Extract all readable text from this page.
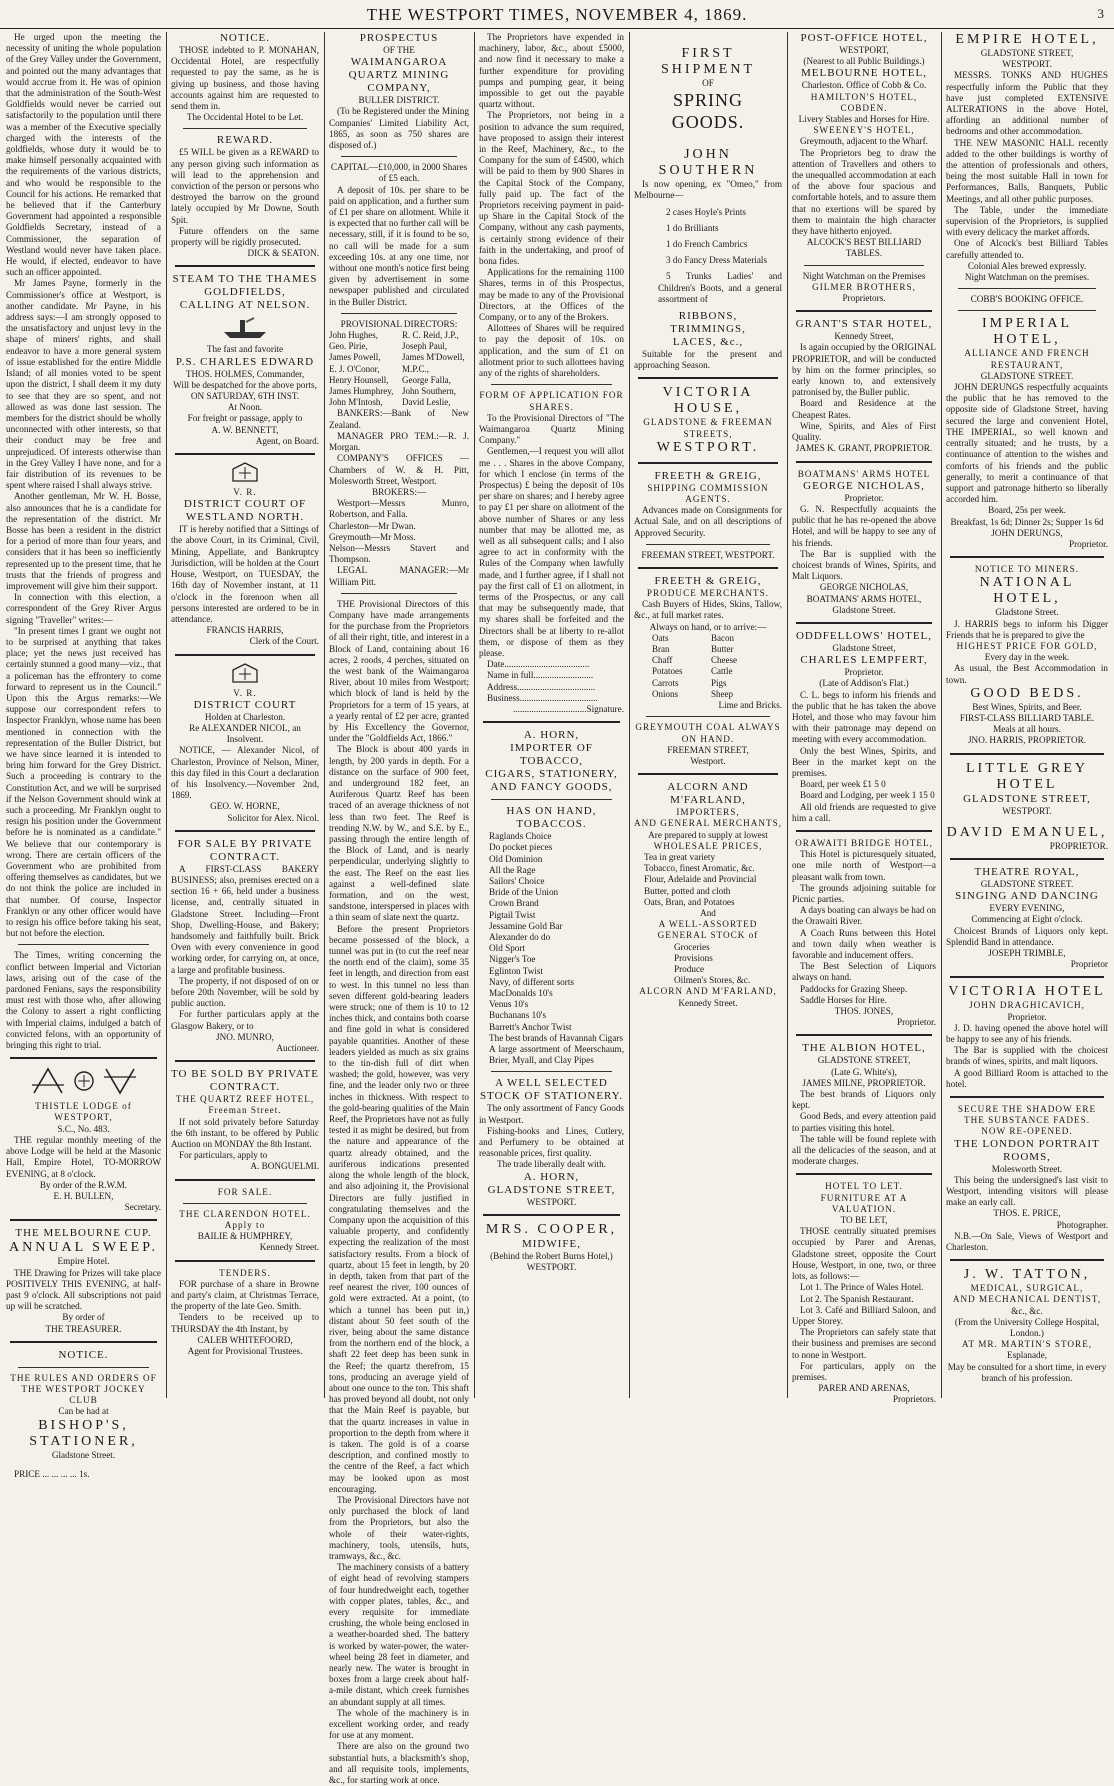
THE WESTPORT TIMES, NOVEMBER 4, 1869.	3

He urged upon the meeting the necessity of uniting the whole population of the Grey Valley under the Government, and pointed out the many advantages that would accrue from it. He was of opinion that the administration of the South-West Goldfields would never be carried out satisfactorily to the population until there was a member of the Executive specially charged with the interests of the goldfields, whose duty it would be to make himself personally acquainted with the requirements of the various districts, and who would be responsible to the Council for his actions. He remarked that he believed that if the Canterbury Government had appointed a responsible Goldfields Secretary, instead of a Commissioner, the separation of Westland would never have taken place. He would, if elected, endeavor to have such an officer appointed.

Mr James Payne, formerly in the Commissioner's office at Westport, is another candidate. Mr Payne, in his address says:—I am strongly opposed to the unsatisfactory and unjust levy in the shape of miners' rights, and shall endeavor to have a more general system of issue established for the entire Middle Island; of all monies voted to be spent upon the district, I shall deem it my duty to see that they are so spent, and not allowed as was done last session. The members for the district should be wholly unconnected with other interests, so that their conduct may be free and unprejudiced. Of interests otherwise than in the Grey Valley I have none, and for a fair distribution of its revenues to be spent where raised I shall always strive.

Another gentleman, Mr W. H. Bosse, also announces that he is a candidate for the representation of the district. Mr Bosse has been a resident in the district for a period of more than four years, and considers that it has been so inefficiently represented up to the present time, that he trusts that the friends of progress and improvement will give him their support.

In connection with this election, a correspondent of the Grey River Argus signing "Traveller" writes:—

"In present times I grant we ought not to be surprised at anything that takes place; yet the news just received has certainly stunned a good many—viz., that a policeman has the effrontery to come forward to represent us in the Council." Upon this the Argus remarks:—We suppose our correspondent refers to Inspector Franklyn, whose name has been mentioned in connection with the representation of the Buller District, but we have since learned it is intended to bring him forward for the Grey District. Such a proceeding is contrary to the Constitution Act, and we will be surprised if the Nelson Government should wink at such a proceeding. Mr Franklyn ought to resign his position under the Government before he is nominated as a candidate." We believe that our contemporary is wrong. There are certain officers of the Government who are prohibited from offering themselves as candidates, but we do not think the police are included in that number. Of course, Inspector Franklyn or any other officer would have to resign his office before taking his seat, but not before the election.

The Times, writing concerning the conflict between Imperial and Victorian laws, arising out of the case of the pardoned Fenians, says the responsibility must rest with those who, after allowing the Colony to assert a right conflicting with Imperial claims, indulged a batch of convicted felons, with an opportunity of bringing this right to trial.

THISTLE LODGE of WESTPORT,

S.C., No. 483.

THE regular monthly meeting of the above Lodge will be held at the Masonic Hall, Empire Hotel, TO-MORROW EVENING, at 8 o'clock.

By order of the R.W.M.

E. H. BULLEN,

Secretary.

THE MELBOURNE CUP.

ANNUAL SWEEP.

Empire Hotel.

THE Drawing for Prizes will take place POSITIVELY THIS EVENING, at half-past 9 o'clock. All subscriptions not paid up will be scratched.

By order of

THE TREASURER.

NOTICE.

THE RULES AND ORDERS OF THE WESTPORT JOCKEY CLUB

Can be had at

BISHOP'S,

STATIONER,

Gladstone Street.

PRICE ... ... ... ... 1s.

NOTICE.

THOSE indebted to P. MONAHAN, Occidental Hotel, are respectfully requested to pay the same, as he is giving up business, and those having accounts against him are requested to send them in.

The Occidental Hotel to be Let.

REWARD.

£5 WILL be given as a REWARD to any person giving such information as will lead to the apprehension and conviction of the person or persons who destroyed the barrow on the ground lately occupied by Mr Downe, South Spit.

Future offenders on the same property will be rigidly prosecuted.

DICK & SEATON.

STEAM TO THE THAMES GOLDFIELDS,

CALLING AT NELSON.

The fast and favorite

P.S. CHARLES EDWARD

THOS. HOLMES, Commander,

Will be despatched for the above ports,

ON SATURDAY, 6TH INST.

At Noon.

For freight or passage, apply to

A. W. BENNETT,

Agent, on Board.

V. R.

DISTRICT COURT OF WESTLAND NORTH.

IT is hereby notified that a Sittings of the above Court, in its Criminal, Civil, Mining, Appellate, and Bankruptcy Jurisdiction, will be holden at the Court House, Westport, on TUESDAY, the 16th day of November instant, at 11 o'clock in the forenoon when all persons interested are ordered to be in attendance.

FRANCIS HARRIS,

Clerk of the Court.

V. R.

DISTRICT COURT

Holden at Charleston.

Re ALEXANDER NICOL, an Insolvent.

NOTICE, — Alexander Nicol, of Charleston, Province of Nelson, Miner, this day filed in this Court a declaration of his Insolvency.—November 2nd, 1869.

GEO. W. HORNE,

Solicitor for Alex. Nicol.

FOR SALE BY PRIVATE CONTRACT.

A FIRST-CLASS BAKERY BUSINESS; also, premises erected on a section 16 + 66, held under a business license, and, centrally situated in Gladstone Street. Including—Front Shop, Dwelling-House, and Bakery; handsomely and faithfully built. Brick Oven with every convenience in good working order, for carrying on, at once, a large and profitable business.

The property, if not disposed of on or before 20th November, will be sold by public auction.

For further particulars apply at the Glasgow Bakery, or to

JNO. MUNRO,

Auctioneer.

TO BE SOLD BY PRIVATE CONTRACT.

THE QUARTZ REEF HOTEL, Freeman Street.

If not sold privately before Saturday the 6th instant, to be offered by Public Auction on MONDAY the 8th Instant.

For particulars, apply to

A. BONGUELMI.

FOR SALE.

THE CLARENDON HOTEL. Apply to

BAILIE & HUMPHREY,

Kennedy Street.

TENDERS.

FOR purchase of a share in Browne and party's claim, at Christmas Terrace, the property of the late Geo. Smith.

Tenders to be received up to THURSDAY the 4th Instant, by

CALEB WHITEFOORD,

Agent for Provisional Trustees.

PROSPECTUS

OF THE

WAIMANGAROA QUARTZ MINING COMPANY,

BULLER DISTRICT.

(To be Registered under the Mining Companies' Limited Liability Act, 1865, as soon as 750 shares are disposed of.)

CAPITAL—£10,000, in 2000 Shares of £5 each.

A deposit of 10s. per share to be paid on application, and a further sum of £1 per share on allotment. While it is expected that no further call will be necessary, still, if it is found to be so, no call will be made for a sum exceeding 10s. at any one time, nor without one month's notice first being given by advertisement in some newspaper published and circulated in the Buller District.

PROVISIONAL DIRECTORS:

John Hughes,
Geo. Pirie,
James Powell,
E. J. O'Conor,
Henry Hounsell,
James Humphrey,
John M'Intosh,
R. C. Reid, J.P.,
Joseph Paul,
James M'Dowell,
M.P.C.,
George Falla,
John Southern,
David Leslie,

BANKERS:—Bank of New Zealand.

MANAGER PRO TEM.:—R. J. Morgan.

COMPANY'S OFFICES — Chambers of W. & H. Pitt, Molesworth Street, Westport.

BROKERS:—

Westport—Messrs Munro, Robertson, and Falla.
Charleston—Mr Dwan.
Greymouth—Mr Moss.
Nelson—Messrs Stavert and Thompson.

LEGAL MANAGER:—Mr William Pitt.

THE Provisional Directors of this Company have made arrangements for the purchase from the Proprietors of all their right, title, and interest in a Block of Land, containing about 16 acres, 2 roods, 4 perches, situated on the west bank of the Waimangaroa River, about 10 miles from Westport; which block of land is held by the Proprietors for a term of 15 years, at a yearly rental of £2 per acre, granted by His Excellency the Governor, under the "Goldfields Act, 1866."

The Block is about 400 yards in length, by 200 yards in depth. For a distance on the surface of 900 feet, and underground 182 feet, an Auriferous Quartz Reef has been traced of an average thickness of not less than two feet. The Reef is trending N.W. by W., and S.E. by E., passing through the entire length of the Block of Land, and is nearly perpendicular, underlying slightly to the east. The Reef on the east lies against a well-defined slate formation, and on the west, sandstone, interspersed in places with a thin seam of slate next the quartz.

Before the present Proprietors became possessed of the block, a tunnel was put in (to cut the reef near the north end of the claim), some 35 feet in length, and direction from east to west. In this tunnel no less than seven different gold-bearing leaders were struck; one of them is 10 to 12 inches thick, and contains both coarse and fine gold in what is considered payable quantities. Another of these leaders yielded as much as six grains to the tin-dish full of dirt when washed; the gold, however, was very fine, and the leader only two or three inches in thickness. With respect to the gold-bearing qualities of the Main Reef, the Proprietors have not as fully tested it as might be desired, but from the nature and appearance of the quartz already obtained, and the auriferous indications presented along the whole length of the block, and also adjoining it, the Provisional Directors are fully justified in congratulating themselves and the Company upon the acquisition of this valuable property, and confidently expecting the realization of the most satisfactory results. From a block of quartz, about 15 feet in length, by 20 in depth, taken from that part of the reef nearest the river, 100 ounces of gold were extracted. At a point, (to which a tunnel has been put in,) distant about 50 feet south of the river, being about the same distance from the northern end of the block, a shaft 22 feet deep has been sunk in the Reef; the quartz therefrom, 15 tons, producing an average yield of about one ounce to the ton. This shaft has proved beyond all doubt, not only that the Main Reef is payable, but that the quartz increases in value in proportion to the depth from where it is taken. The gold is of a coarse description, and confined mostly to the centre of the Reef, a fact which may be looked upon as most encouraging.

The Provisional Directors have not only purchased the block of land from the Proprietors, but also the whole of their water-rights, machinery, tools, utensils, huts, tramways, &c., &c.

The machinery consists of a battery of eight head of revolving stampers of four hundredweight each, together with copper plates, tables, &c., and every requisite for immediate crushing, the whole being enclosed in a weather-boarded shed. The battery is worked by water-power, the water-wheel being 28 feet in diameter, and nearly new. The water is brought in boxes from a large creek about half-a-mile distant, which creek furnishes an abundant supply at all times.

The whole of the machinery is in excellent working order, and ready for use at any moment.

There are also on the ground two substantial huts, a blacksmith's shop, and all requisite tools, implements, &c., for starting work at once.

The Proprietors have expended in machinery, labor, &c., about £5000, and now find it necessary to make a further expenditure for providing pumps and pumping gear, it being impossible to get out the payable quartz without.

The Proprietors, not being in a position to advance the sum required, have proposed to assign their interest in the Reef, Machinery, &c., to the Company for the sum of £4500, which will be paid to them by 900 Shares in the Capital Stock of the Company, fully paid up. The fact of the Proprietors receiving payment in paid-up Share in the Capital Stock of the Company, without any cash payments, is certainly strong evidence of their faith in the undertaking, and proof of bona fides.

Applications for the remaining 1100 Shares, terms in of this Prospectus, may be made to any of the Provisional Directors, at the Offices of the Company, or to any of the Brokers.

Allottees of Shares will be required to pay the deposit of 10s. on application, and the sum of £1 on allotment prior to such allottees having any of the rights of shareholders.

FORM OF APPLICATION FOR SHARES.

To the Provisional Directors of "The Waimangaroa Quartz Mining Company."

Gentlemen,—I request you will allot me . . . Shares in the above Company, for which I enclose (in terms of the Prospectus) £ being the deposit of 10s per share on shares; and I hereby agree to pay £1 per share on allotment of the above number of Shares or any less number that may be allotted me, as well as all subsequent calls; and I also agree to act in conformity with the Rules of the Company when lawfully made, and I further agree, if I shall not pay the first call of £1 on allotment, in terms of the Prospectus, or any call that may be subsequently made, that my shares shall be forfeited and the Directors shall be at liberty to re-allot them, or dispose of them as they please.

Date.....................................

Name in full..........................

Address..................................

Business..................................

................................Signature.

A. HORN,

IMPORTER OF TOBACCO,

CIGARS, STATIONERY,

AND FANCY GOODS,

HAS ON HAND, TOBACCOS.

Raglands Choice

Do pocket pieces

Old Dominion

All the Rage

Sailors' Choice

Bride of the Union

Crown Brand

Pigtail Twist

Jessamine Gold Bar

Alexander do do

Old Sport

Nigger's Toe

Eglinton Twist

Navy, of different sorts

MacDonalds 10's

Venus 10's

Buchanans 10's

Barrett's Anchor Twist

The best brands of Havannah Cigars

A large assortment of Meerschaum, Brier, Myall, and Clay Pipes

A WELL SELECTED STOCK OF STATIONERY.

The only assortment of Fancy Goods in Westport.

Fishing-hooks and Lines, Cutlery, and Perfumery to be obtained at reasonable prices, first quality.

The trade liberally dealt with.

A. HORN,

GLADSTONE STREET,

WESTPORT.

MRS. COOPER,

MIDWIFE,

(Behind the Robert Burns Hotel,)

WESTPORT.

FIRST SHIPMENT

OF

SPRING GOODS.

JOHN SOUTHERN

Is now opening, ex "Omeo," from Melbourne—

2 cases Hoyle's Prints

1 do Brilliants

1 do French Cambrics

3 do Fancy Dress Materials

5 Trunks Ladies' and Children's Boots, and a general assortment of

RIBBONS,

TRIMMINGS,

LACES, &c.,

Suitable for the present and approaching Season.

VICTORIA HOUSE,

GLADSTONE & FREEMAN

STREETS,

WESTPORT.

FREETH & GREIG,

SHIPPING COMMISSION

AGENTS.

Advances made on Consignments for Actual Sale, and on all descriptions of Approved Security.

FREEMAN STREET, WESTPORT.

FREETH & GREIG,

PRODUCE MERCHANTS.

Cash Buyers of Hides, Skins, Tallow, &c., at full market rates.

Always on hand, or to arrive:—

Oats
Bran
Chaff
Potatoes
Carrots
Onions
Bacon
Butter
Cheese
Cattle
Pigs
Sheep

Lime and Bricks.

GREYMOUTH COAL ALWAYS ON HAND.

FREEMAN STREET,

Westport.

ALCORN AND M'FARLAND,

IMPORTERS,

AND GENERAL MERCHANTS,

Are prepared to supply at lowest

WHOLESALE PRICES,

Tea in great variety

Tobacco, finest Aromatic, &c.

Flour, Adelaide and Provincial

Butter, potted and cloth

Oats, Bran, and Potatoes

And

A WELL-ASSORTED GENERAL STOCK of

Groceries

Provisions

Produce

Oilmen's Stores, &c.

ALCORN AND M'FARLAND,

Kennedy Street.

POST-OFFICE HOTEL,

WESTPORT,

(Nearest to all Public Buildings.)

MELBOURNE HOTEL,

Charleston. Office of Cobb & Co.

HAMILTON'S HOTEL, COBDEN.

Livery Stables and Horses for Hire.

SWEENEY'S HOTEL,

Greymouth, adjacent to the Wharf.

The Proprietors beg to draw the attention of Travellers and others to the unequalled accommodation at each of the above four spacious and comfortable hotels, and to assure them that no exertions will be spared by them to maintain the high character they have hitherto enjoyed.

ALCOCK'S BEST BILLIARD TABLES.

Night Watchman on the Premises

GILMER BROTHERS,

Proprietors.

GRANT'S STAR HOTEL,

Kennedy Street,

Is again occupied by the ORIGINAL PROPRIETOR, and will be conducted by him on the former principles, so early known to, and extensively patronised by, the Buller public.

Board and Residence at the Cheapest Rates.

Wine, Spirits, and Ales of First Quality.

JAMES K. GRANT, PROPRIETOR.

BOATMANS' ARMS HOTEL

GEORGE NICHOLAS,

Proprietor.

G. N. Respectfully acquaints the public that he has re-opened the above Hotel, and will be happy to see any of his friends.

The Bar is supplied with the choicest brands of Wines, Spirits, and Malt Liquors.

GEORGE NICHOLAS,

BOATMANS' ARMS HOTEL,

Gladstone Street.

ODDFELLOWS' HOTEL,

Gladstone Street,

CHARLES LEMPFERT,

Proprietor.

(Late of Addison's Flat.)

C. L. begs to inform his friends and the public that he has taken the above Hotel, and those who may favour him with their patronage may depend on meeting with every accommodation.

Only the best Wines, Spirits, and Beer in the market kept on the premises.

Board, per week £1 5 0

Board and Lodging, per week 1 15 0

All old friends are requested to give him a call.

ORAWAITI BRIDGE HOTEL,

This Hotel is picturesquely situated, one mile north of Westport—a pleasant walk from town.

The grounds adjoining suitable for Picnic parties.

A days boating can always be had on the Orawaiti River.

A Coach Runs between this Hotel and town daily when weather is favorable and inducement offers.

The Best Selection of Liquors always on hand.

Paddocks for Grazing Sheep.

Saddle Horses for Hire.

THOS. JONES,

Proprietor.

THE ALBION HOTEL,

GLADSTONE STREET,

(Late G. White's),

JAMES MILNE, PROPRIETOR.

The best brands of Liquors only kept.

Good Beds, and every attention paid to parties visiting this hotel.

The table will be found replete with all the delicacies of the season, and at moderate charges.

HOTEL TO LET.

FURNITURE AT A VALUATION.

TO BE LET,

THOSE centrally situated premises occupied by Parer and Arenas, Gladstone street, opposite the Court House, Westport, in one, two, or three lots, as follows:—

Lot 1. The Prince of Wales Hotel.

Lot 2. The Spanish Restaurant.

Lot 3. Café and Billiard Saloon, and Upper Storey.

The Proprietors can safely state that their business and premises are second to none in Westport.

For particulars, apply on the premises.

PARER AND ARENAS,

Proprietors.

EMPIRE HOTEL,

GLADSTONE STREET,

WESTPORT.

MESSRS. TONKS AND HUGHES respectfully inform the Public that they have just completed EXTENSIVE ALTERATIONS in the above Hotel, affording an additional number of bedrooms and other accommodation.

THE NEW MASONIC HALL recently added to the other buildings is worthy of the attention of professionals and others, being the most suitable Hall in town for Performances, Balls, Banquets, Public Meetings, and all other public purposes.

The Table, under the immediate supervision of the Proprietors, is supplied with every delicacy the market affords.

One of Alcock's best Billiard Tables carefully attended to.

Colonial Ales brewed expressly.

Night Watchman on the premises.

COBB'S BOOKING OFFICE.

IMPERIAL HOTEL,

ALLIANCE AND FRENCH RESTAURANT,

GLADSTONE STREET.

JOHN DERUNGS respectfully acquaints the public that he has removed to the opposite side of Gladstone Street, having secured the large and convenient Hotel, THE IMPERIAL, so well known and centrally situated; and he trusts, by a continuance of attention to the wishes and comforts of his friends and the public generally, to merit a continuance of that support and patronage hitherto so liberally accorded him.

Board, 25s per week.

Breakfast, 1s 6d; Dinner 2s; Supper 1s 6d

JOHN DERUNGS,

Proprietor.

NOTICE TO MINERS.

NATIONAL HOTEL,

Gladstone Street.

J. HARRIS begs to inform his Digger Friends that he is prepared to give the

HIGHEST PRICE FOR GOLD,

Every day in the week.

As usual, the Best Accommodation in town.

GOOD BEDS.

Best Wines, Spirits, and Beer.

FIRST-CLASS BILLIARD TABLE.

Meals at all hours.

JNO. HARRIS, PROPRIETOR.

LITTLE GREY HOTEL

GLADSTONE STREET,

WESTPORT.

DAVID EMANUEL,

PROPRIETOR.

THEATRE ROYAL,

GLADSTONE STREET.

SINGING AND DANCING

EVERY EVENING,

Commencing at Eight o'clock.

Choicest Brands of Liquors only kept. Splendid Band in attendance.

JOSEPH TRIMBLE,

Proprietor

VICTORIA HOTEL

JOHN DRAGHICAVICH,

Proprietor.

J. D. having opened the above hotel will be happy to see any of his friends.

The Bar is supplied with the choicest brands of wines, spirits, and malt liquors.

A good Billiard Room is attached to the hotel.

SECURE THE SHADOW ERE THE SUBSTANCE FADES.

NOW RE-OPENED.

THE LONDON PORTRAIT ROOMS,

Molesworth Street.

This being the undersigned's last visit to Westport, intending visitors will please make an early call.

THOS. E. PRICE,

Photographer.

N.B.—On Sale, Views of Westport and Charleston.

J. W. TATTON,

MEDICAL, SURGICAL,

AND MECHANICAL DENTIST,

&c., &c.

(From the University College Hospital, London.)

AT MR. MARTIN'S STORE,

Esplanade,

May be consulted for a short time, in every branch of his profession.
